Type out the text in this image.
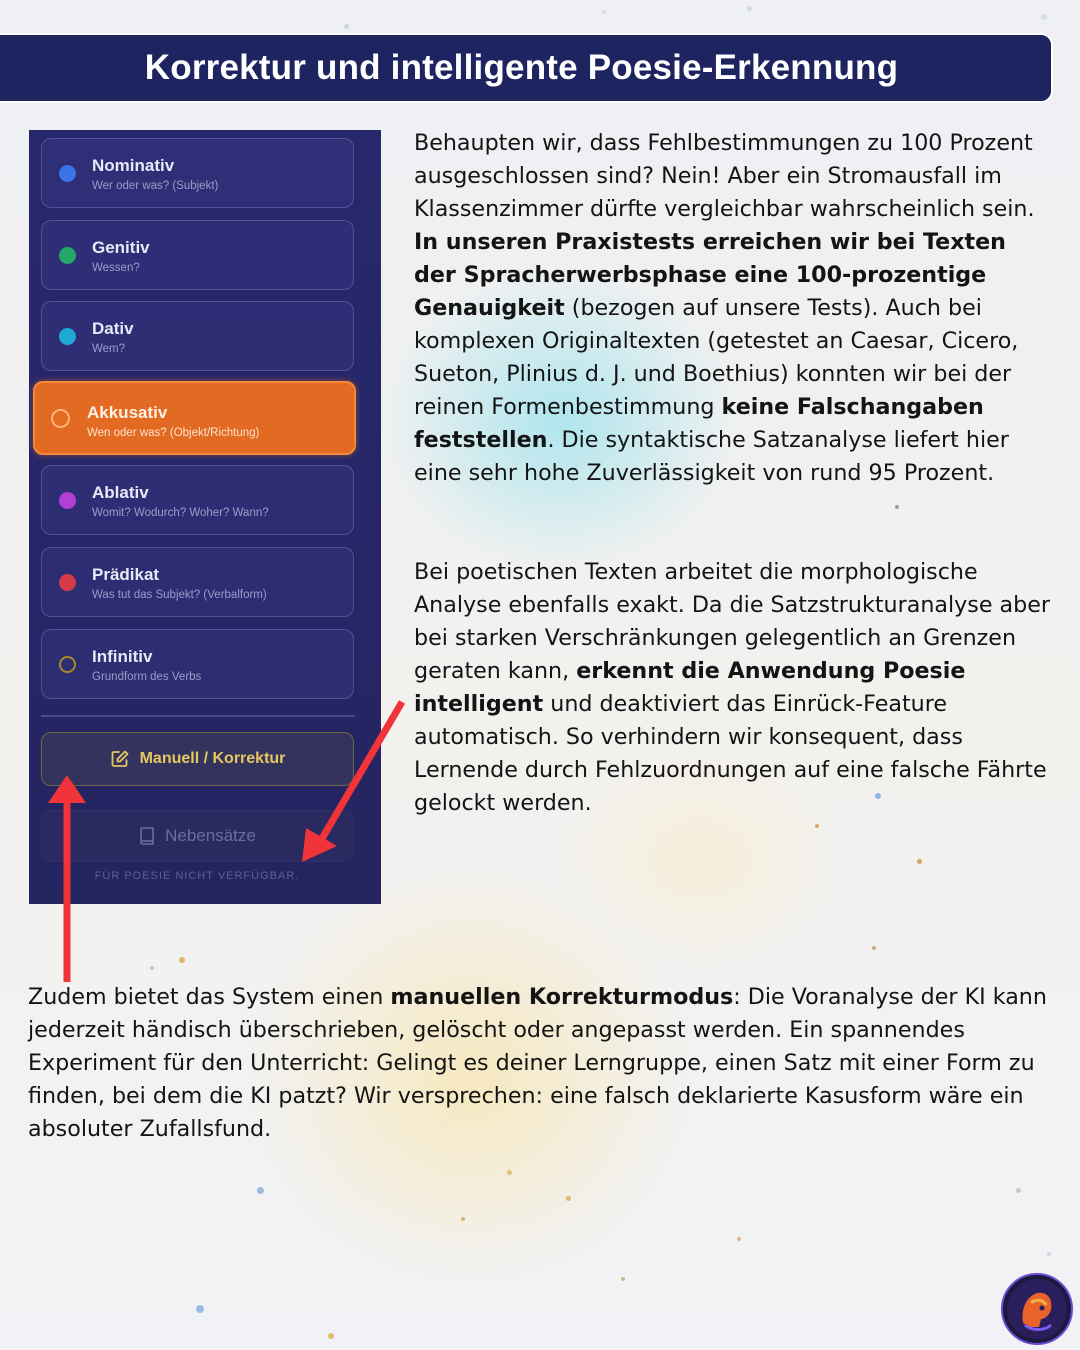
Korrektur und intelligente Poesie-Erkennung
Nominativ
Wer oder was? (Subjekt)
Genitiv
Wessen?
Dativ
Wem?
Akkusativ
Wen oder was? (Objekt/Richtung)
Ablativ
Womit? Wodurch? Woher? Wann?
Prädikat
Was tut das Subjekt? (Verbalform)
Infinitiv
Grundform des Verbs
Manuell / Korrektur
Nebensätze
FÜR POESIE NICHT VERFÜGBAR.

Behaupten wir, dass Fehlbestimmungen zu 100 Prozent ausgeschlossen sind? Nein! Aber ein Stromausfall im Klassenzimmer dürfte vergleichbar wahrscheinlich sein. In unseren Praxistests erreichen wir bei Texten der Spracherwerbsphase eine 100-prozentige Genauigkeit (bezogen auf unsere Tests). Auch bei komplexen Originaltexten (getestet an Caesar, Cicero, Sueton, Plinius d. J. und Boethius) konnten wir bei der reinen Formenbestimmung keine Falschangaben feststellen. Die syntaktische Satzanalyse liefert hier eine sehr hohe Zuverlässigkeit von rund 95 Prozent.

Bei poetischen Texten arbeitet die morphologische Analyse ebenfalls exakt. Da die Satzstrukturanalyse aber bei starken Verschränkungen gelegentlich an Grenzen geraten kann, erkennt die Anwendung Poesie intelligent und deaktiviert das Einrück-Feature automatisch. So verhindern wir konsequent, dass Lernende durch Fehlzuordnungen auf eine falsche Fährte gelockt werden.

Zudem bietet das System einen manuellen Korrekturmodus: Die Voranalyse der KI kann jederzeit händisch überschrieben, gelöscht oder angepasst werden. Ein spannendes Experiment für den Unterricht: Gelingt es deiner Lerngruppe, einen Satz mit einer Form zu finden, bei dem die KI patzt? Wir versprechen: eine falsch deklarierte Kasusform wäre ein absoluter Zufallsfund.
